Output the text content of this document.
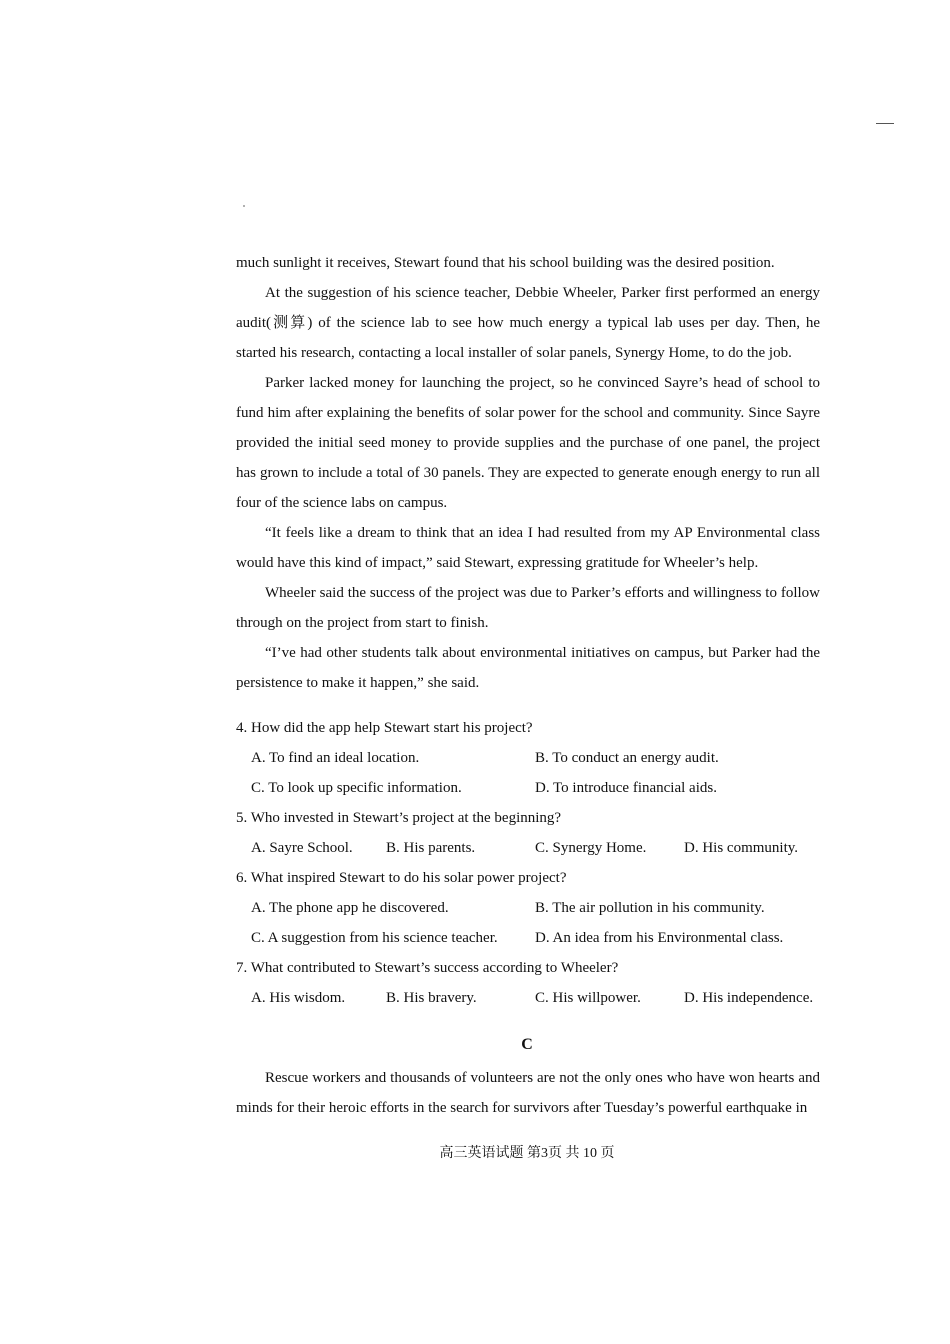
much sunlight it receives, Stewart found that his school building was the desired position.

At the suggestion of his science teacher, Debbie Wheeler, Parker first performed an energy audit(测算) of the science lab to see how much energy a typical lab uses per day. Then, he started his research, contacting a local installer of solar panels, Synergy Home, to do the job.

Parker lacked money for launching the project, so he convinced Sayre’s head of school to fund him after explaining the benefits of solar power for the school and community. Since Sayre provided the initial seed money to provide supplies and the purchase of one panel, the project has grown to include a total of 30 panels. They are expected to generate enough energy to run all four of the science labs on campus.

“It feels like a dream to think that an idea I had resulted from my AP Environmental class would have this kind of impact,” said Stewart, expressing gratitude for Wheeler’s help.

Wheeler said the success of the project was due to Parker’s efforts and willingness to follow through on the project from start to finish.

“I’ve had other students talk about environmental initiatives on campus, but Parker had the persistence to make it happen,” she said.

4. How did the app help Stewart start his project?
A. To find an ideal location.	B. To conduct an energy audit.
C. To look up specific information.	D. To introduce financial aids.
5. Who invested in Stewart’s project at the beginning?
A. Sayre School.	B. His parents.	C. Synergy Home.	D. His community.
6. What inspired Stewart to do his solar power project?
A. The phone app he discovered.	B. The air pollution in his community.
C. A suggestion from his science teacher.	D. An idea from his Environmental class.
7. What contributed to Stewart’s success according to Wheeler?
A. His wisdom.	B. His bravery.	C. His willpower.	D. His independence.
C

Rescue workers and thousands of volunteers are not the only ones who have won hearts and minds for their heroic efforts in the search for survivors after Tuesday’s powerful earthquake in

高三英语试题 第3页 共 10 页
